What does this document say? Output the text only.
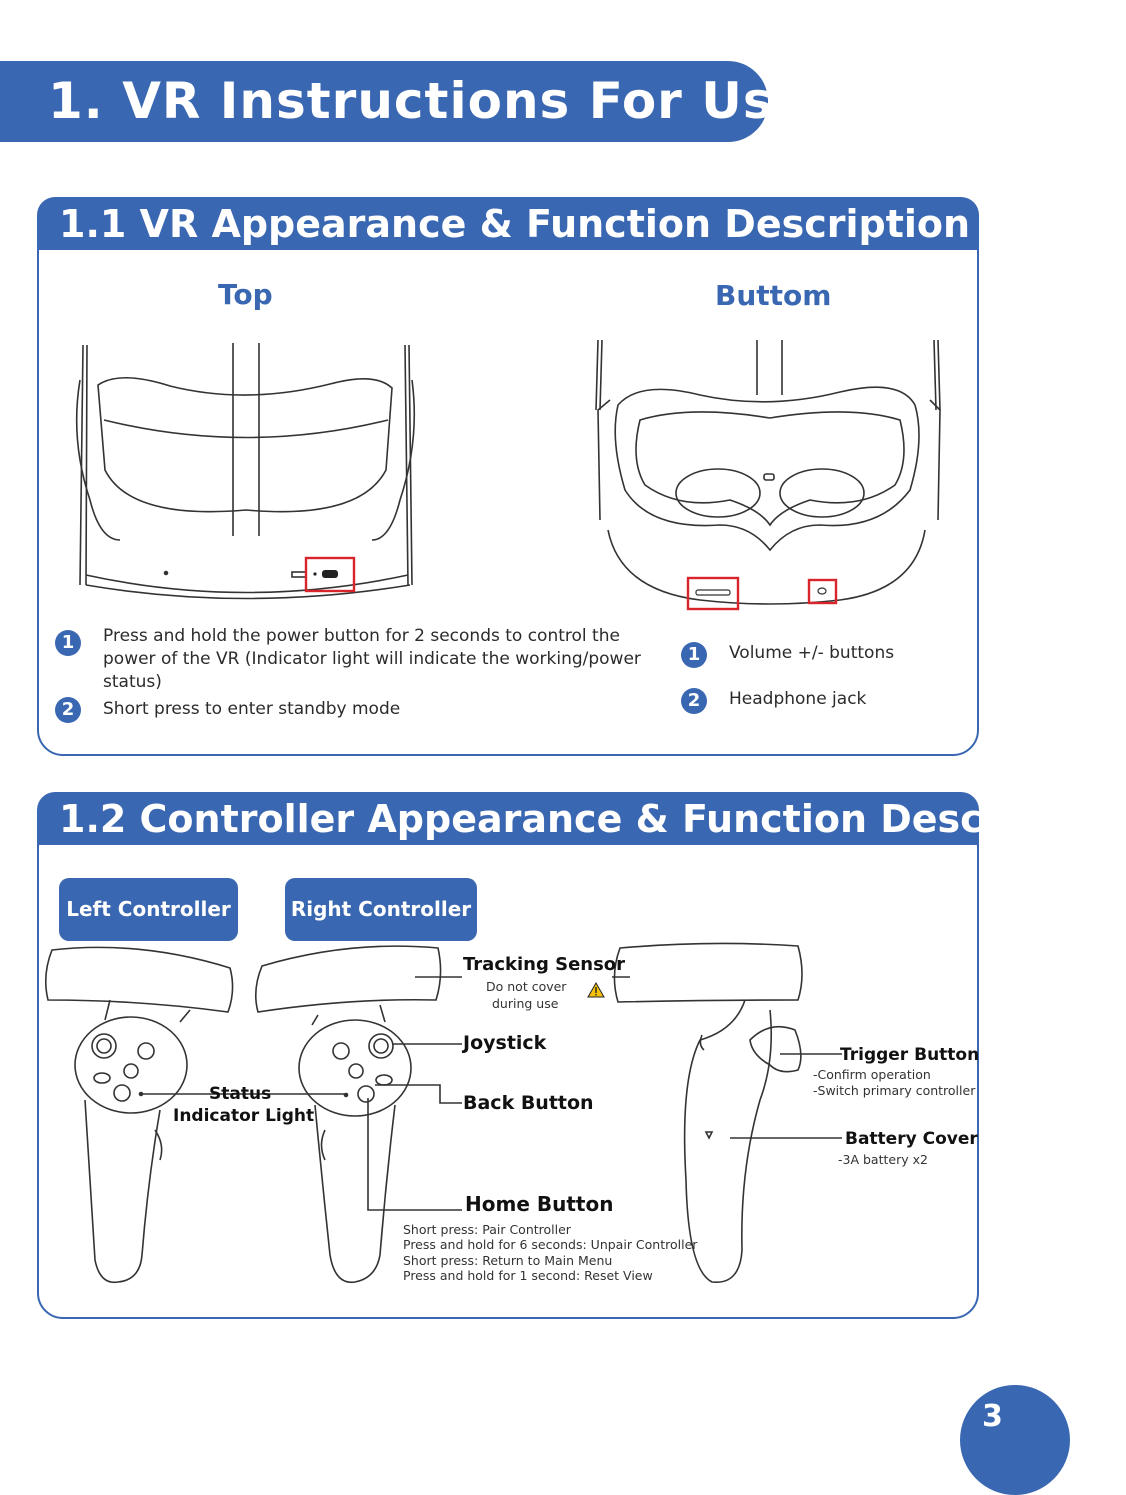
1. VR Instructions For Use
1.1 VR Appearance & Function Description
Top	Buttom
1	Press and hold the power button for 2 seconds to control the power of the VR (Indicator light will indicate the working/power status)
2	Short press to enter standby mode
1	Volume +/- buttons
2	Headphone jack
1.2 Controller Appearance & Function Description
Left Controller	Right Controller
Status
Indicator Light
Tracking Sensor
Do not cover
during use
Joystick
Back Button
Home Button
Short press: Pair Controller
Press and hold for 6 seconds: Unpair Controller
Short press: Return to Main Menu
Press and hold for 1 second: Reset View
Trigger Button
-Confirm operation
-Switch primary controller
Battery Cover
-3A battery x2
3
